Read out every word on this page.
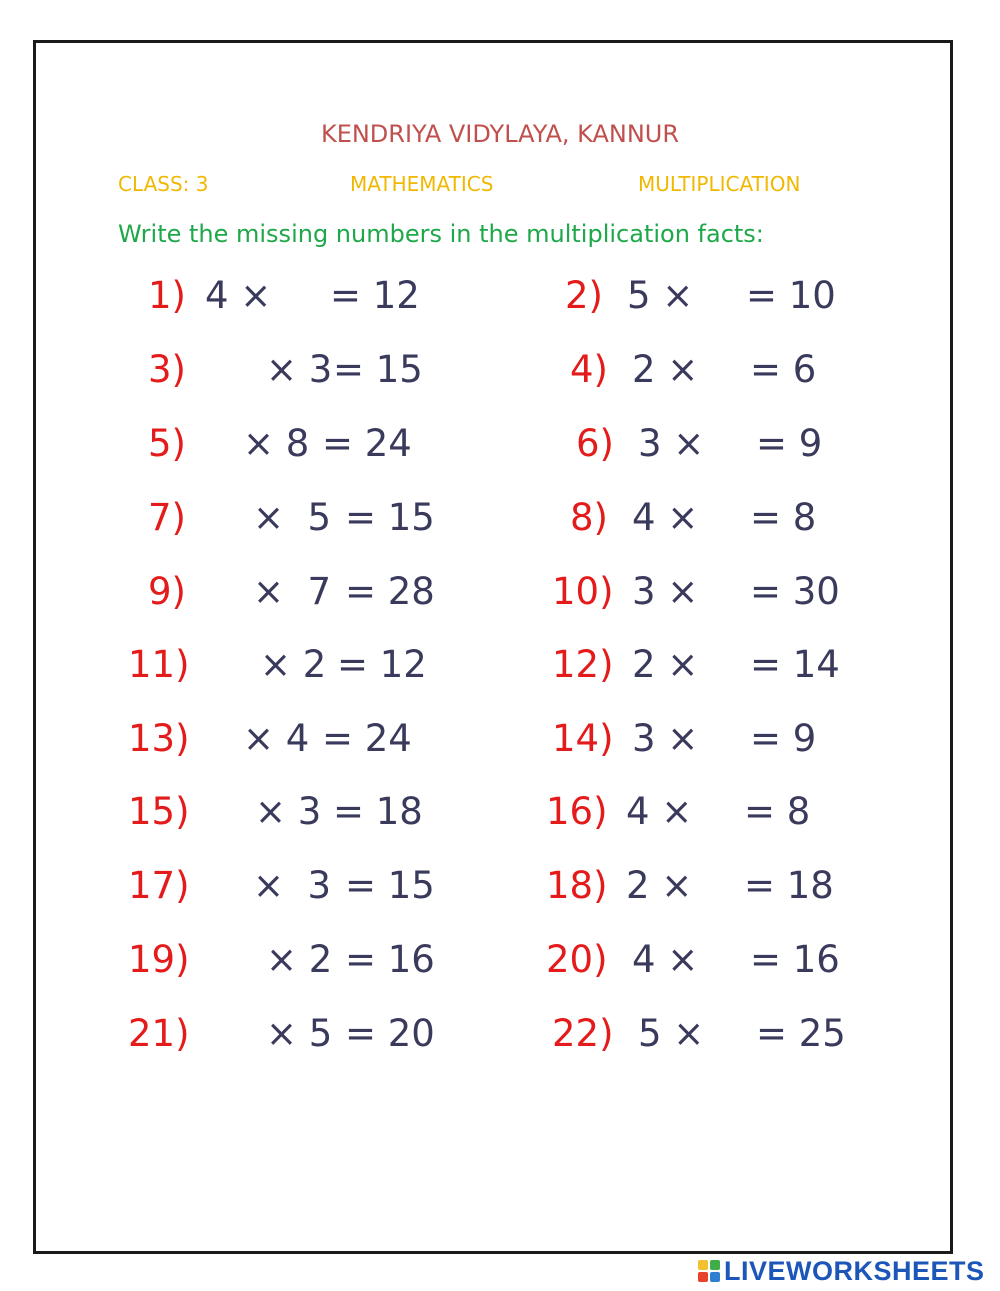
KENDRIYA VIDYLAYA, KANNUR
CLASS: 3	MATHEMATICS	MULTIPLICATION
Write the missing numbers in the multiplication facts:
1) 4 × = 12	2) 5 × = 10
3) × 3 = 15	4) 2 × = 6
5) × 8 = 24	6) 3 × = 9
7) ×  5 = 15	8) 4 × = 8
9) ×  7 = 28	10) 3 × = 30
11) × 2 = 12	12) 2 × = 14
13) × 4 = 24	14) 3 × = 9
15) × 3 = 18	16) 4 × = 8
17) ×  3 = 15	18) 2 × = 18
19) × 2 = 16	20) 4 × = 16
21) × 5 = 20	22) 5 × = 25
LIVEWORKSHEETS
